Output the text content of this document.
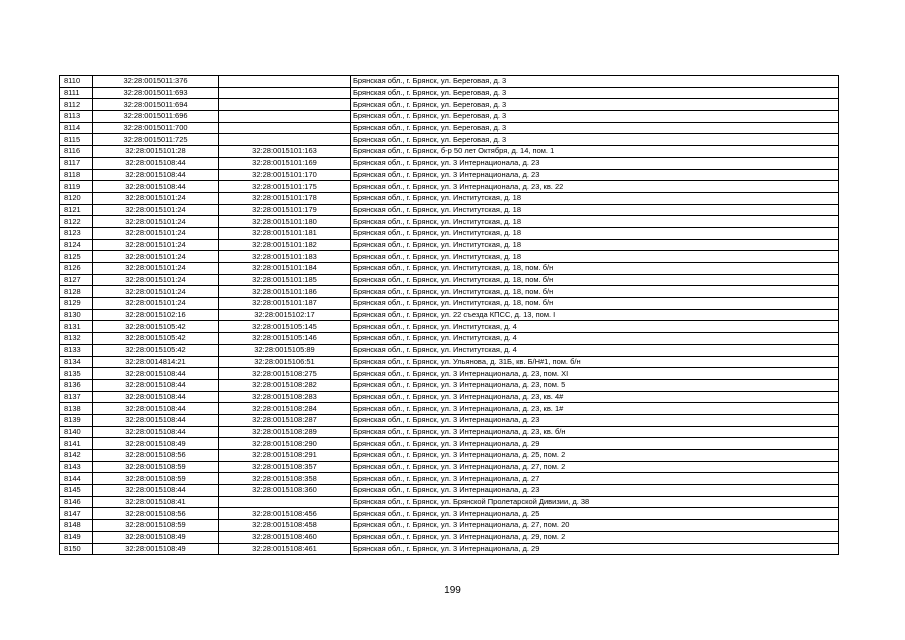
8110	32:28:0015011:376		Брянская обл., г. Брянск, ул. Береговая, д. 3
8111	32:28:0015011:693		Брянская обл., г. Брянск, ул. Береговая, д. 3
8112	32:28:0015011:694		Брянская обл., г. Брянск, ул. Береговая, д. 3
8113	32:28:0015011:696		Брянская обл., г. Брянск, ул. Береговая, д. 3
8114	32:28:0015011:700		Брянская обл., г. Брянск, ул. Береговая, д. 3
8115	32:28:0015011:725		Брянская обл., г. Брянск, ул. Береговая, д. 3
8116	32:28:0015101:28	32:28:0015101:163	Брянская обл., г. Брянск, б-р 50 лет Октября, д. 14, пом. 1
8117	32:28:0015108:44	32:28:0015101:169	Брянская обл., г. Брянск, ул. 3 Интернационала, д. 23
8118	32:28:0015108:44	32:28:0015101:170	Брянская обл., г. Брянск, ул. 3 Интернационала, д. 23
8119	32:28:0015108:44	32:28:0015101:175	Брянская обл., г. Брянск, ул. 3 Интернационала, д. 23, кв. 22
8120	32:28:0015101:24	32:28:0015101:178	Брянская обл., г. Брянск, ул. Институтская, д. 18
8121	32:28:0015101:24	32:28:0015101:179	Брянская обл., г. Брянск, ул. Институтская, д. 18
8122	32:28:0015101:24	32:28:0015101:180	Брянская обл., г. Брянск, ул. Институтская, д. 18
8123	32:28:0015101:24	32:28:0015101:181	Брянская обл., г. Брянск, ул. Институтская, д. 18
8124	32:28:0015101:24	32:28:0015101:182	Брянская обл., г. Брянск, ул. Институтская, д. 18
8125	32:28:0015101:24	32:28:0015101:183	Брянская обл., г. Брянск, ул. Институтская, д. 18
8126	32:28:0015101:24	32:28:0015101:184	Брянская обл., г. Брянск, ул. Институтская, д. 18, пом. б/н
8127	32:28:0015101:24	32:28:0015101:185	Брянская обл., г. Брянск, ул. Институтская, д. 18, пом. б/н
8128	32:28:0015101:24	32:28:0015101:186	Брянская обл., г. Брянск, ул. Институтская, д. 18, пом. б/н
8129	32:28:0015101:24	32:28:0015101:187	Брянская обл., г. Брянск, ул. Институтская, д. 18, пом. б/н
8130	32:28:0015102:16	32:28:0015102:17	Брянская обл., г. Брянск, ул. 22 съезда КПСС, д. 13, пом. I
8131	32:28:0015105:42	32:28:0015105:145	Брянская обл., г. Брянск, ул. Институтская, д. 4
8132	32:28:0015105:42	32:28:0015105:146	Брянская обл., г. Брянск, ул. Институтская, д. 4
8133	32:28:0015105:42	32:28:0015105:89	Брянская обл., г. Брянск, ул. Институтская, д. 4
8134	32:28:0014814:21	32:28:0015106:51	Брянская обл., г. Брянск, ул. Ульянова, д. 31Б, кв. Б/Н#1, пом. б/н
8135	32:28:0015108:44	32:28:0015108:275	Брянская обл., г. Брянск, ул. 3 Интернационала, д. 23, пом. XI
8136	32:28:0015108:44	32:28:0015108:282	Брянская обл., г. Брянск, ул. 3 Интернационала, д. 23, пом. 5
8137	32:28:0015108:44	32:28:0015108:283	Брянская обл., г. Брянск, ул. 3 Интернационала, д. 23, кв. 4#
8138	32:28:0015108:44	32:28:0015108:284	Брянская обл., г. Брянск, ул. 3 Интернационала, д. 23, кв. 1#
8139	32:28:0015108:44	32:28:0015108:287	Брянская обл., г. Брянск, ул. 3 Интернационала, д. 23
8140	32:28:0015108:44	32:28:0015108:289	Брянская обл., г. Брянск, ул. 3 Интернационала, д. 23, кв. б/н
8141	32:28:0015108:49	32:28:0015108:290	Брянская обл., г. Брянск, ул. 3 Интернационала, д. 29
8142	32:28:0015108:56	32:28:0015108:291	Брянская обл., г. Брянск, ул. 3 Интернационала, д. 25, пом. 2
8143	32:28:0015108:59	32:28:0015108:357	Брянская обл., г. Брянск, ул. 3 Интернационала, д. 27, пом. 2
8144	32:28:0015108:59	32:28:0015108:358	Брянская обл., г. Брянск, ул. 3 Интернационала, д. 27
8145	32:28:0015108:44	32:28:0015108:360	Брянская обл., г. Брянск, ул. 3 Интернационала, д. 23
8146	32:28:0015108:41		Брянская обл., г. Брянск, ул. Брянской Пролетарской Дивизии, д. 38
8147	32:28:0015108:56	32:28:0015108:456	Брянская обл., г. Брянск, ул. 3 Интернационала, д. 25
8148	32:28:0015108:59	32:28:0015108:458	Брянская обл., г. Брянск, ул. 3 Интернационала, д. 27, пом. 20
8149	32:28:0015108:49	32:28:0015108:460	Брянская обл., г. Брянск, ул. 3 Интернационала, д. 29, пом. 2
8150	32:28:0015108:49	32:28:0015108:461	Брянская обл., г. Брянск, ул. 3 Интернационала, д. 29
199
